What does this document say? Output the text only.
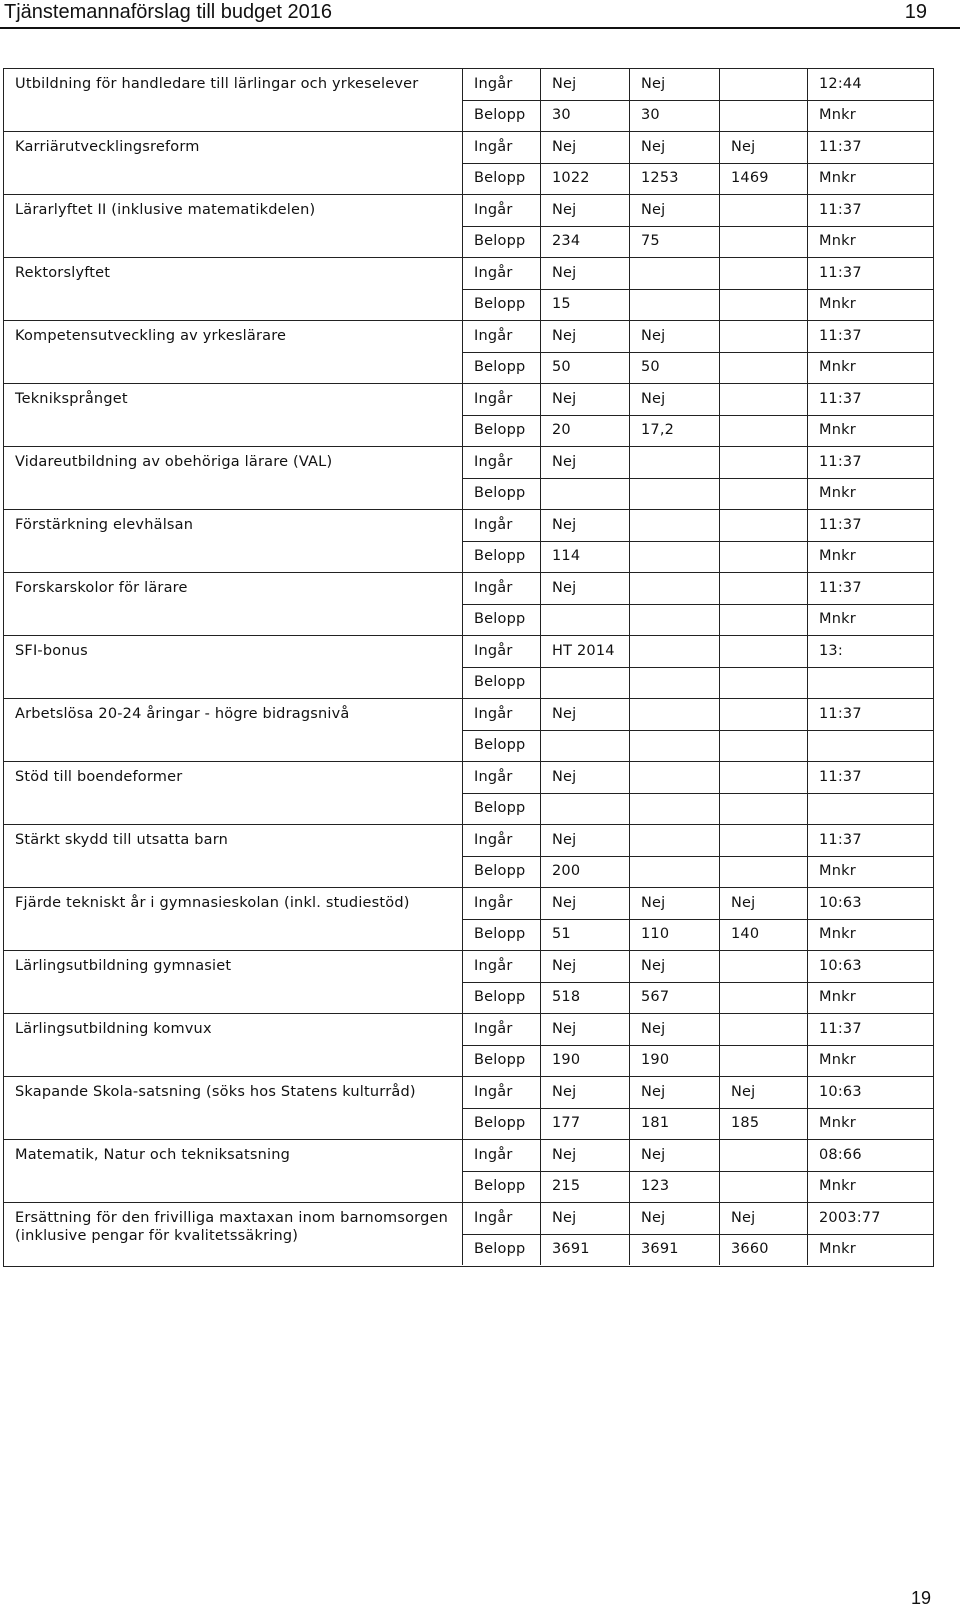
Tjänstemannaförslag till budget 2016	19
Utbildning för handledare till lärlingar och yrkeselever	Ingår	Nej	Nej		12:44
	Belopp	30	30		Mnkr
Karriärutvecklingsreform	Ingår	Nej	Nej	Nej	11:37
	Belopp	1022	1253	1469	Mnkr
Lärarlyftet II (inklusive matematikdelen)	Ingår	Nej	Nej		11:37
	Belopp	234	75		Mnkr
Rektorslyftet	Ingår	Nej			11:37
	Belopp	15			Mnkr
Kompetensutveckling av yrkeslärare	Ingår	Nej	Nej		11:37
	Belopp	50	50		Mnkr
Tekniksprånget	Ingår	Nej	Nej		11:37
	Belopp	20	17,2		Mnkr
Vidareutbildning av obehöriga lärare (VAL)	Ingår	Nej			11:37
	Belopp				Mnkr
Förstärkning elevhälsan	Ingår	Nej			11:37
	Belopp	114			Mnkr
Forskarskolor för lärare	Ingår	Nej			11:37
	Belopp				Mnkr
SFI-bonus	Ingår	HT 2014			13:
	Belopp				
Arbetslösa 20-24 åringar - högre bidragsnivå	Ingår	Nej			11:37
	Belopp				
Stöd till boendeformer	Ingår	Nej			11:37
	Belopp				
Stärkt skydd till utsatta barn	Ingår	Nej			11:37
	Belopp	200			Mnkr
Fjärde tekniskt år i gymnasieskolan (inkl. studiestöd)	Ingår	Nej	Nej	Nej	10:63
	Belopp	51	110	140	Mnkr
Lärlingsutbildning gymnasiet	Ingår	Nej	Nej		10:63
	Belopp	518	567		Mnkr
Lärlingsutbildning komvux	Ingår	Nej	Nej		11:37
	Belopp	190	190		Mnkr
Skapande Skola-satsning (söks hos Statens kulturråd)	Ingår	Nej	Nej	Nej	10:63
	Belopp	177	181	185	Mnkr
Matematik, Natur och tekniksatsning	Ingår	Nej	Nej		08:66
	Belopp	215	123		Mnkr
Ersättning för den frivilliga maxtaxan inom barnomsorgen (inklusive pengar för kvalitetssäkring)	Ingår	Nej	Nej	Nej	2003:77
	Belopp	3691	3691	3660	Mnkr
19
